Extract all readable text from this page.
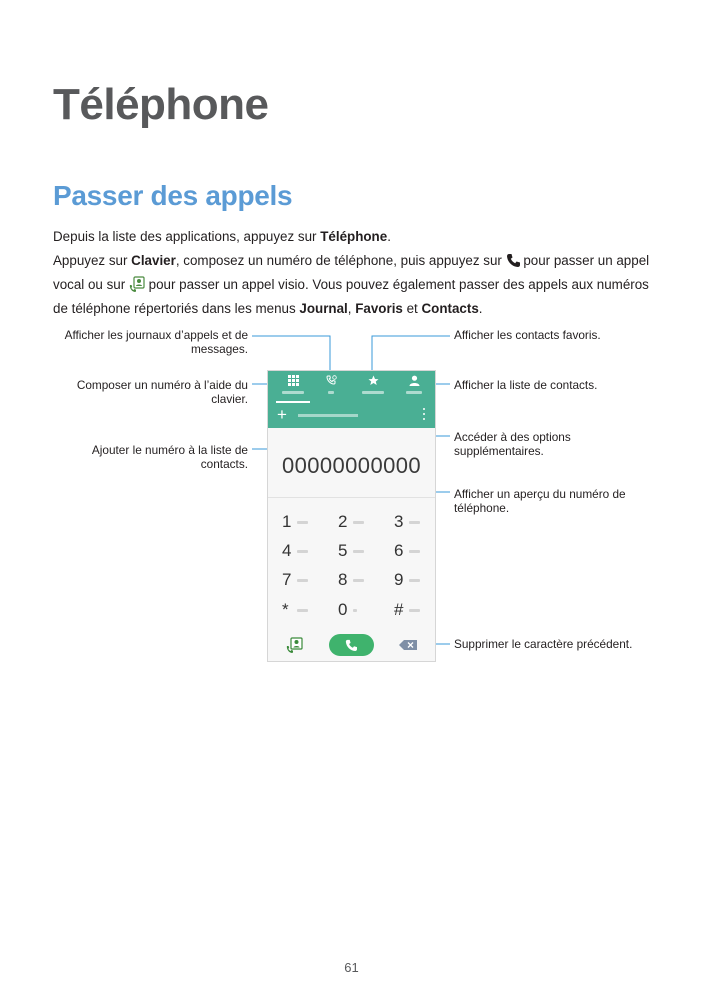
Téléphone
Passer des appels

Depuis la liste des applications, appuyez sur Téléphone.

Appuyez sur Clavier, composez un numéro de téléphone, puis appuyez sur  pour passer un appel vocal ou sur  pour passer un appel visio. Vous pouvez également passer des appels aux numéros de téléphone répertoriés dans les menus Journal, Favoris et Contacts.

Afficher les journaux d’appels et de messages.
Composer un numéro à l’aide du clavier.
Ajouter le numéro à la liste de contacts.
Afficher les contacts favoris.
Afficher la liste de contacts.
Accéder à des options supplémentaires.
Afficher un aperçu du numéro de téléphone.
Supprimer le caractère précédent.
+
00000000000
1	2	3
4	5	6
7	8	9
*	0	#
61
